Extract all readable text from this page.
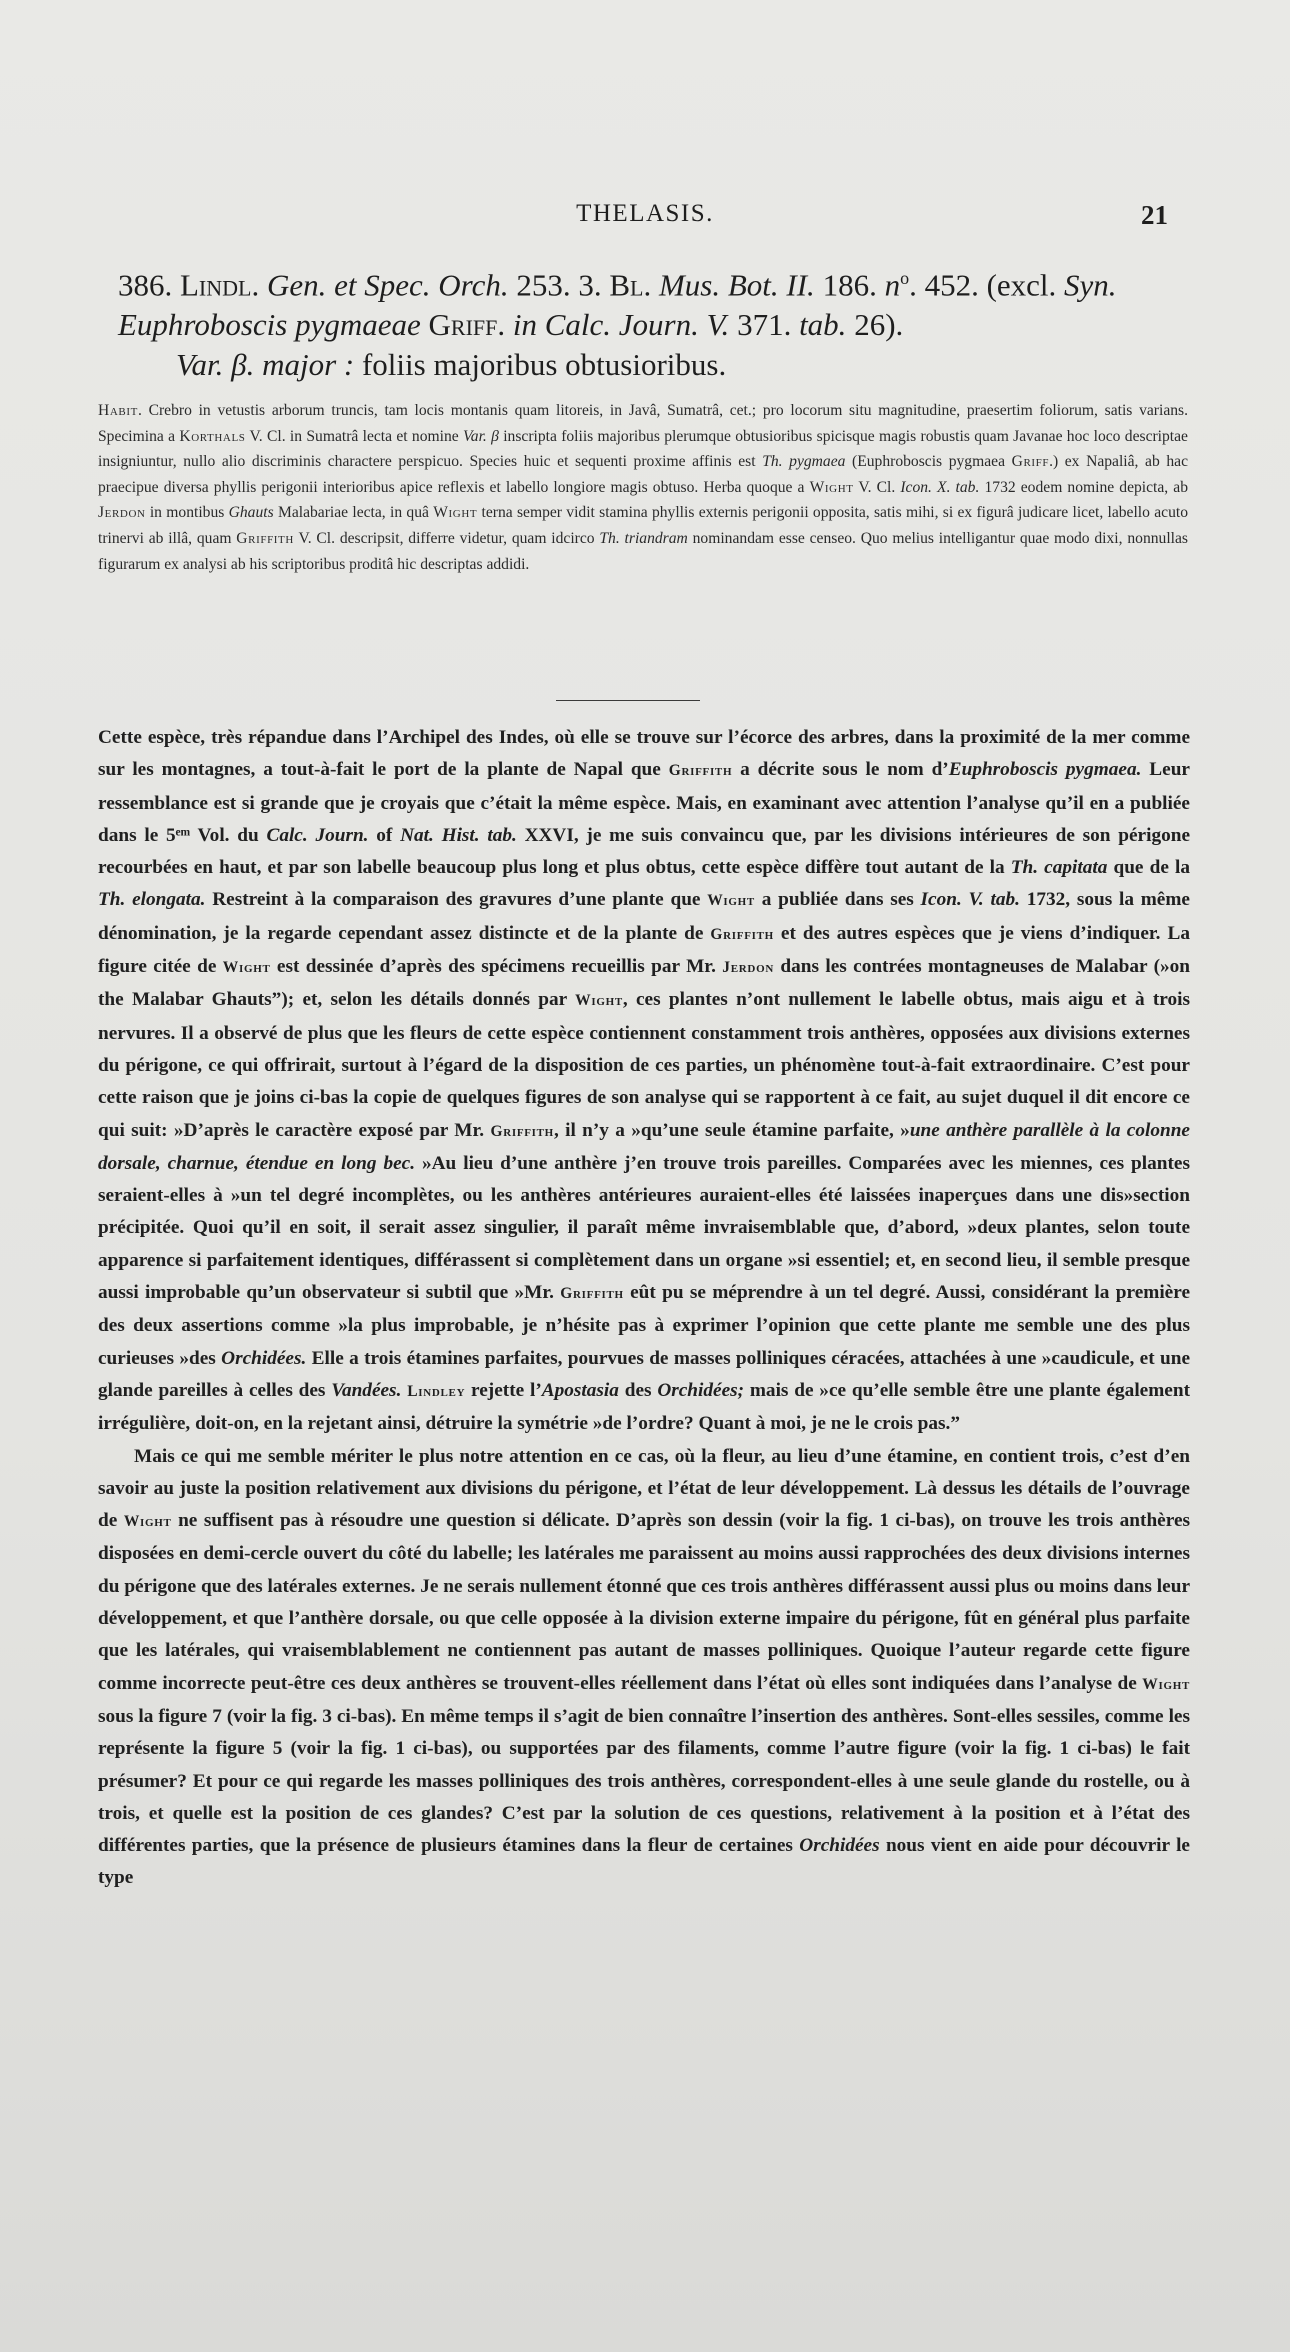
THELASIS.	21

386. Lindl. Gen. et Spec. Orch. 253. 3. Bl. Mus. Bot. II. 186. $n^o$. 452. (excl. Syn.

Euphroboscis pygmaeae Griff. in Calc. Journ. V. 371. tab. 26).

Var. β. major : foliis majoribus obtusioribus.

Habit. Crebro in vetustis arborum truncis, tam locis montanis quam litoreis, in Javâ, Sumatrâ, cet.; pro locorum situ magnitudine, praesertim foliorum, satis varians. Specimina a Korthals V. Cl. in Sumatrâ lecta et nomine Var. β inscripta foliis majoribus plerumque obtusioribus spicisque magis robustis quam Javanae hoc loco descriptae insigniuntur, nullo alio discriminis charactere perspicuo. Species huic et sequenti proxime affinis est Th. pygmaea (Euphroboscis pygmaea Griff.) ex Napaliâ, ab hac praecipue diversa phyllis perigonii interioribus apice reflexis et labello longiore magis obtuso. Herba quoque a Wight V. Cl. Icon. X. tab. 1732 eodem nomine depicta, ab Jerdon in montibus Ghauts Malabariae lecta, in quâ Wight terna semper vidit stamina phyllis externis perigonii opposita, satis mihi, si ex figurâ judicare licet, labello acuto trinervi ab illâ, quam Griffith V. Cl. descripsit, differre videtur, quam idcirco Th. triandram nominandam esse censeo. Quo melius intelligantur quae modo dixi, nonnullas figurarum ex analysi ab his scriptoribus proditâ hic descriptas addidi.

Cette espèce, très répandue dans l’Archipel des Indes, où elle se trouve sur l’écorce des arbres, dans la proximité de la mer comme sur les montagnes, a tout-à-fait le port de la plante de Napal que Griffith a décrite sous le nom d’Euphroboscis pygmaea. Leur ressemblance est si grande que je croyais que c’était la même espèce. Mais, en examinant avec attention l’analyse qu’il en a publiée dans le 5ᵉᵐ Vol. du Calc. Journ. of Nat. Hist. tab. XXVI, je me suis convaincu que, par les divisions intérieures de son périgone recourbées en haut, et par son labelle beaucoup plus long et plus obtus, cette espèce diffère tout autant de la Th. capitata que de la Th. elongata. Restreint à la comparaison des gravures d’une plante que Wight a publiée dans ses Icon. V. tab. 1732, sous la même dénomination, je la regarde cependant assez distincte et de la plante de Griffith et des autres espèces que je viens d’indiquer. La figure citée de Wight est dessinée d’après des spécimens recueillis par Mr. Jerdon dans les contrées montagneuses de Malabar (»on the Malabar Ghauts”); et, selon les détails donnés par Wight, ces plantes n’ont nullement le labelle obtus, mais aigu et à trois nervures. Il a observé de plus que les fleurs de cette espèce contiennent constamment trois anthères, opposées aux divisions externes du périgone, ce qui offrirait, surtout à l’égard de la disposition de ces parties, un phénomène tout-à-fait extraordinaire. C’est pour cette raison que je joins ci-bas la copie de quelques figures de son analyse qui se rapportent à ce fait, au sujet duquel il dit encore ce qui suit: »D’après le caractère exposé par Mr. Griffith, il n’y a »qu’une seule étamine parfaite, »une anthère parallèle à la colonne dorsale, charnue, étendue en long bec. »Au lieu d’une anthère j’en trouve trois pareilles. Comparées avec les miennes, ces plantes seraient-elles à »un tel degré incomplètes, ou les anthères antérieures auraient-elles été laissées inaperçues dans une dis»section précipitée. Quoi qu’il en soit, il serait assez singulier, il paraît même invraisemblable que, d’abord, »deux plantes, selon toute apparence si parfaitement identiques, différassent si complètement dans un organe »si essentiel; et, en second lieu, il semble presque aussi improbable qu’un observateur si subtil que »Mr. Griffith eût pu se méprendre à un tel degré. Aussi, considérant la première des deux assertions comme »la plus improbable, je n’hésite pas à exprimer l’opinion que cette plante me semble une des plus curieuses »des Orchidées. Elle a trois étamines parfaites, pourvues de masses polliniques céracées, attachées à une »caudicule, et une glande pareilles à celles des Vandées. Lindley rejette l’Apostasia des Orchidées; mais de »ce qu’elle semble être une plante également irrégulière, doit-on, en la rejetant ainsi, détruire la symétrie »de l’ordre? Quant à moi, je ne le crois pas.”

Mais ce qui me semble mériter le plus notre attention en ce cas, où la fleur, au lieu d’une étamine, en contient trois, c’est d’en savoir au juste la position relativement aux divisions du périgone, et l’état de leur développement. Là dessus les détails de l’ouvrage de Wight ne suffisent pas à résoudre une question si délicate. D’après son dessin (voir la fig. 1 ci-bas), on trouve les trois anthères disposées en demi-cercle ouvert du côté du labelle; les latérales me paraissent au moins aussi rapprochées des deux divisions internes du périgone que des latérales externes. Je ne serais nullement étonné que ces trois anthères différassent aussi plus ou moins dans leur développement, et que l’anthère dorsale, ou que celle opposée à la division externe impaire du périgone, fût en général plus parfaite que les latérales, qui vraisemblablement ne contiennent pas autant de masses polliniques. Quoique l’auteur regarde cette figure comme incorrecte peut-être ces deux anthères se trouvent-elles réellement dans l’état où elles sont indiquées dans l’analyse de Wight sous la figure 7 (voir la fig. 3 ci-bas). En même temps il s’agit de bien connaître l’insertion des anthères. Sont-elles sessiles, comme les représente la figure 5 (voir la fig. 1 ci-bas), ou supportées par des filaments, comme l’autre figure (voir la fig. 1 ci-bas) le fait présumer? Et pour ce qui regarde les masses polliniques des trois anthères, correspondent-elles à une seule glande du rostelle, ou à trois, et quelle est la position de ces glandes? C’est par la solution de ces questions, relativement à la position et à l’état des différentes parties, que la présence de plusieurs étamines dans la fleur de certaines Orchidées nous vient en aide pour découvrir le type
